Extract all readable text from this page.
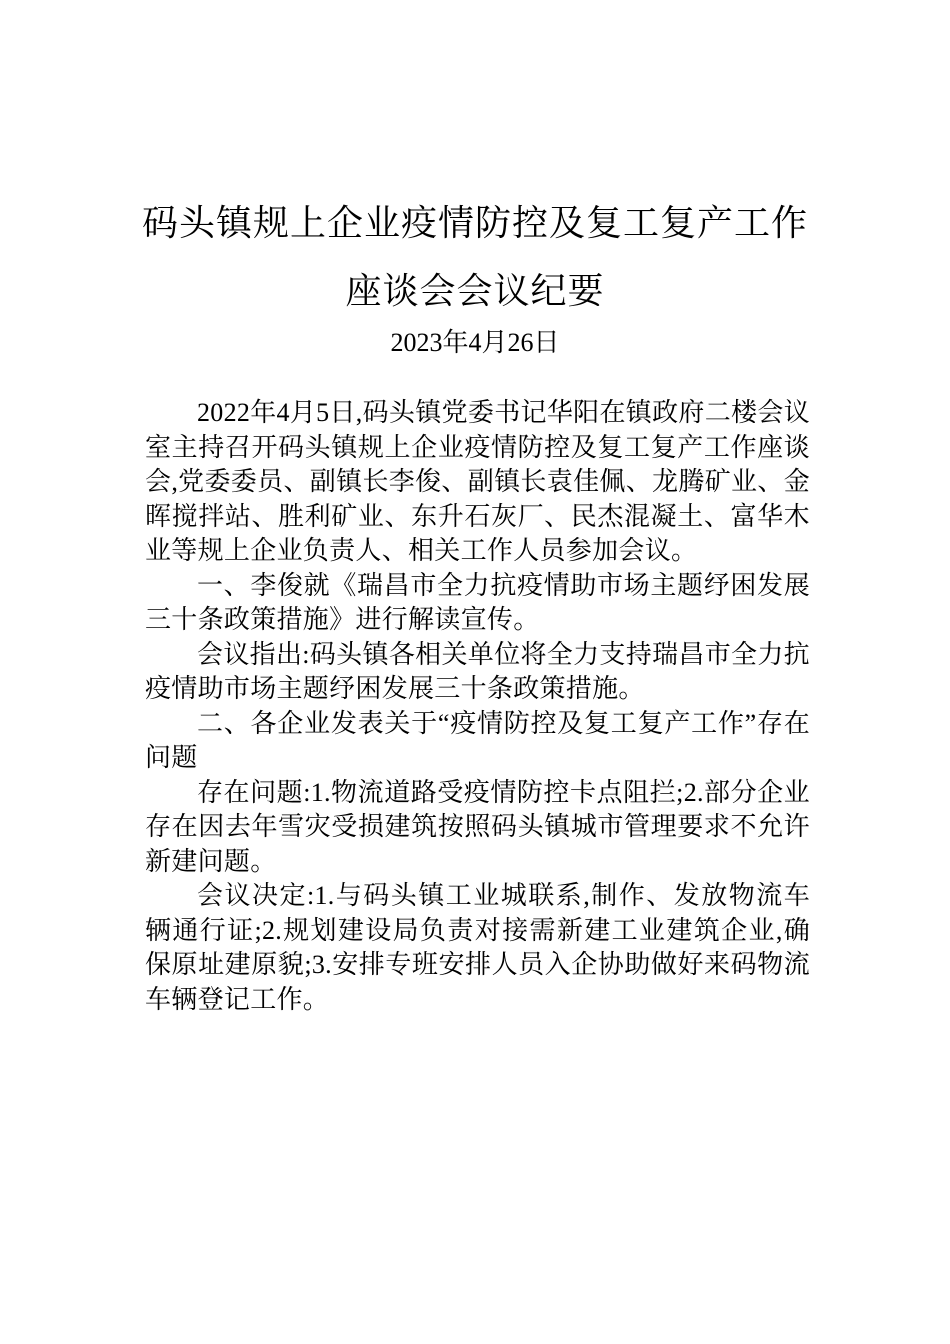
码头镇规上企业疫情防控及复工复产工作
座谈会会议纪要
2023年4月26日

2022年4月5日,码头镇党委书记华阳在镇政府二楼会议室主持召开码头镇规上企业疫情防控及复工复产工作座谈会,党委委员、副镇长李俊、副镇长袁佳佩、龙腾矿业、金晖搅拌站、胜利矿业、东升石灰厂、民杰混凝土、富华木业等规上企业负责人、相关工作人员参加会议。

一、李俊就《瑞昌市全力抗疫情助市场主题纾困发展三十条政策措施》进行解读宣传。

会议指出:码头镇各相关单位将全力支持瑞昌市全力抗疫情助市场主题纾困发展三十条政策措施。

二、各企业发表关于“疫情防控及复工复产工作”存在问题

存在问题:1.物流道路受疫情防控卡点阻拦;2.部分企业存在因去年雪灾受损建筑按照码头镇城市管理要求不允许新建问题。

会议决定:1.与码头镇工业城联系,制作、发放物流车辆通行证;2.规划建设局负责对接需新建工业建筑企业,确保原址建原貌;3.安排专班安排人员入企协助做好来码物流车辆登记工作。
